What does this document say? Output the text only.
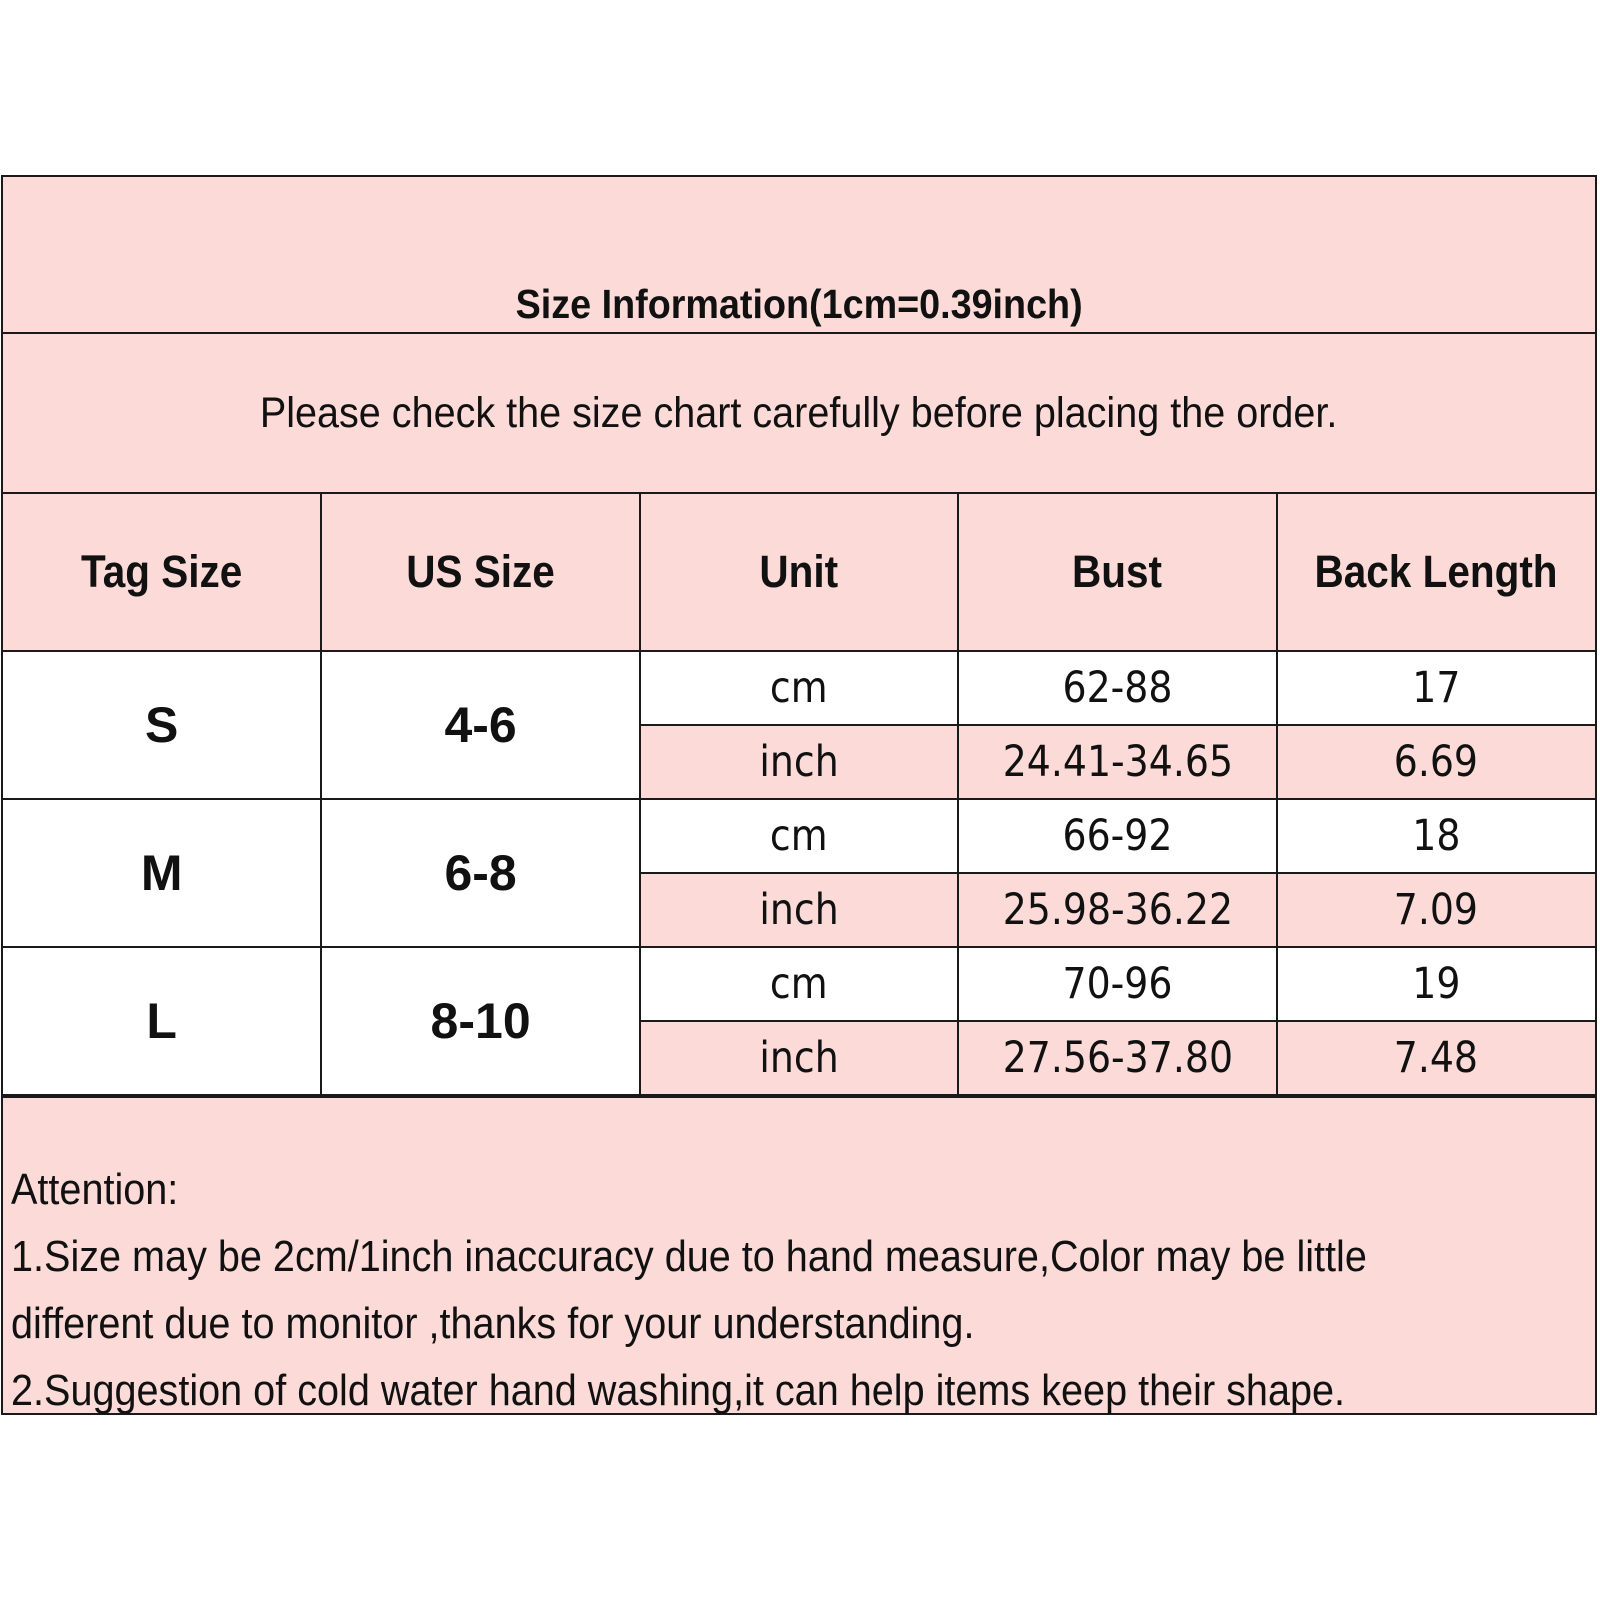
Size Information(1cm=0.39inch)
Please check the size chart carefully before placing the order.
Tag Size	US Size	Unit	Bust	Back Length
S	4-6	cm	62-88	17
		inch	24.41-34.65	6.69
M	6-8	cm	66-92	18
		inch	25.98-36.22	7.09
L	8-10	cm	70-96	19
		inch	27.56-37.80	7.48
Attention:
1.Size may be 2cm/1inch inaccuracy due to hand measure,Color may be little
different due to monitor ,thanks for your understanding.
2.Suggestion of cold water hand washing,it can help items keep their shape.
